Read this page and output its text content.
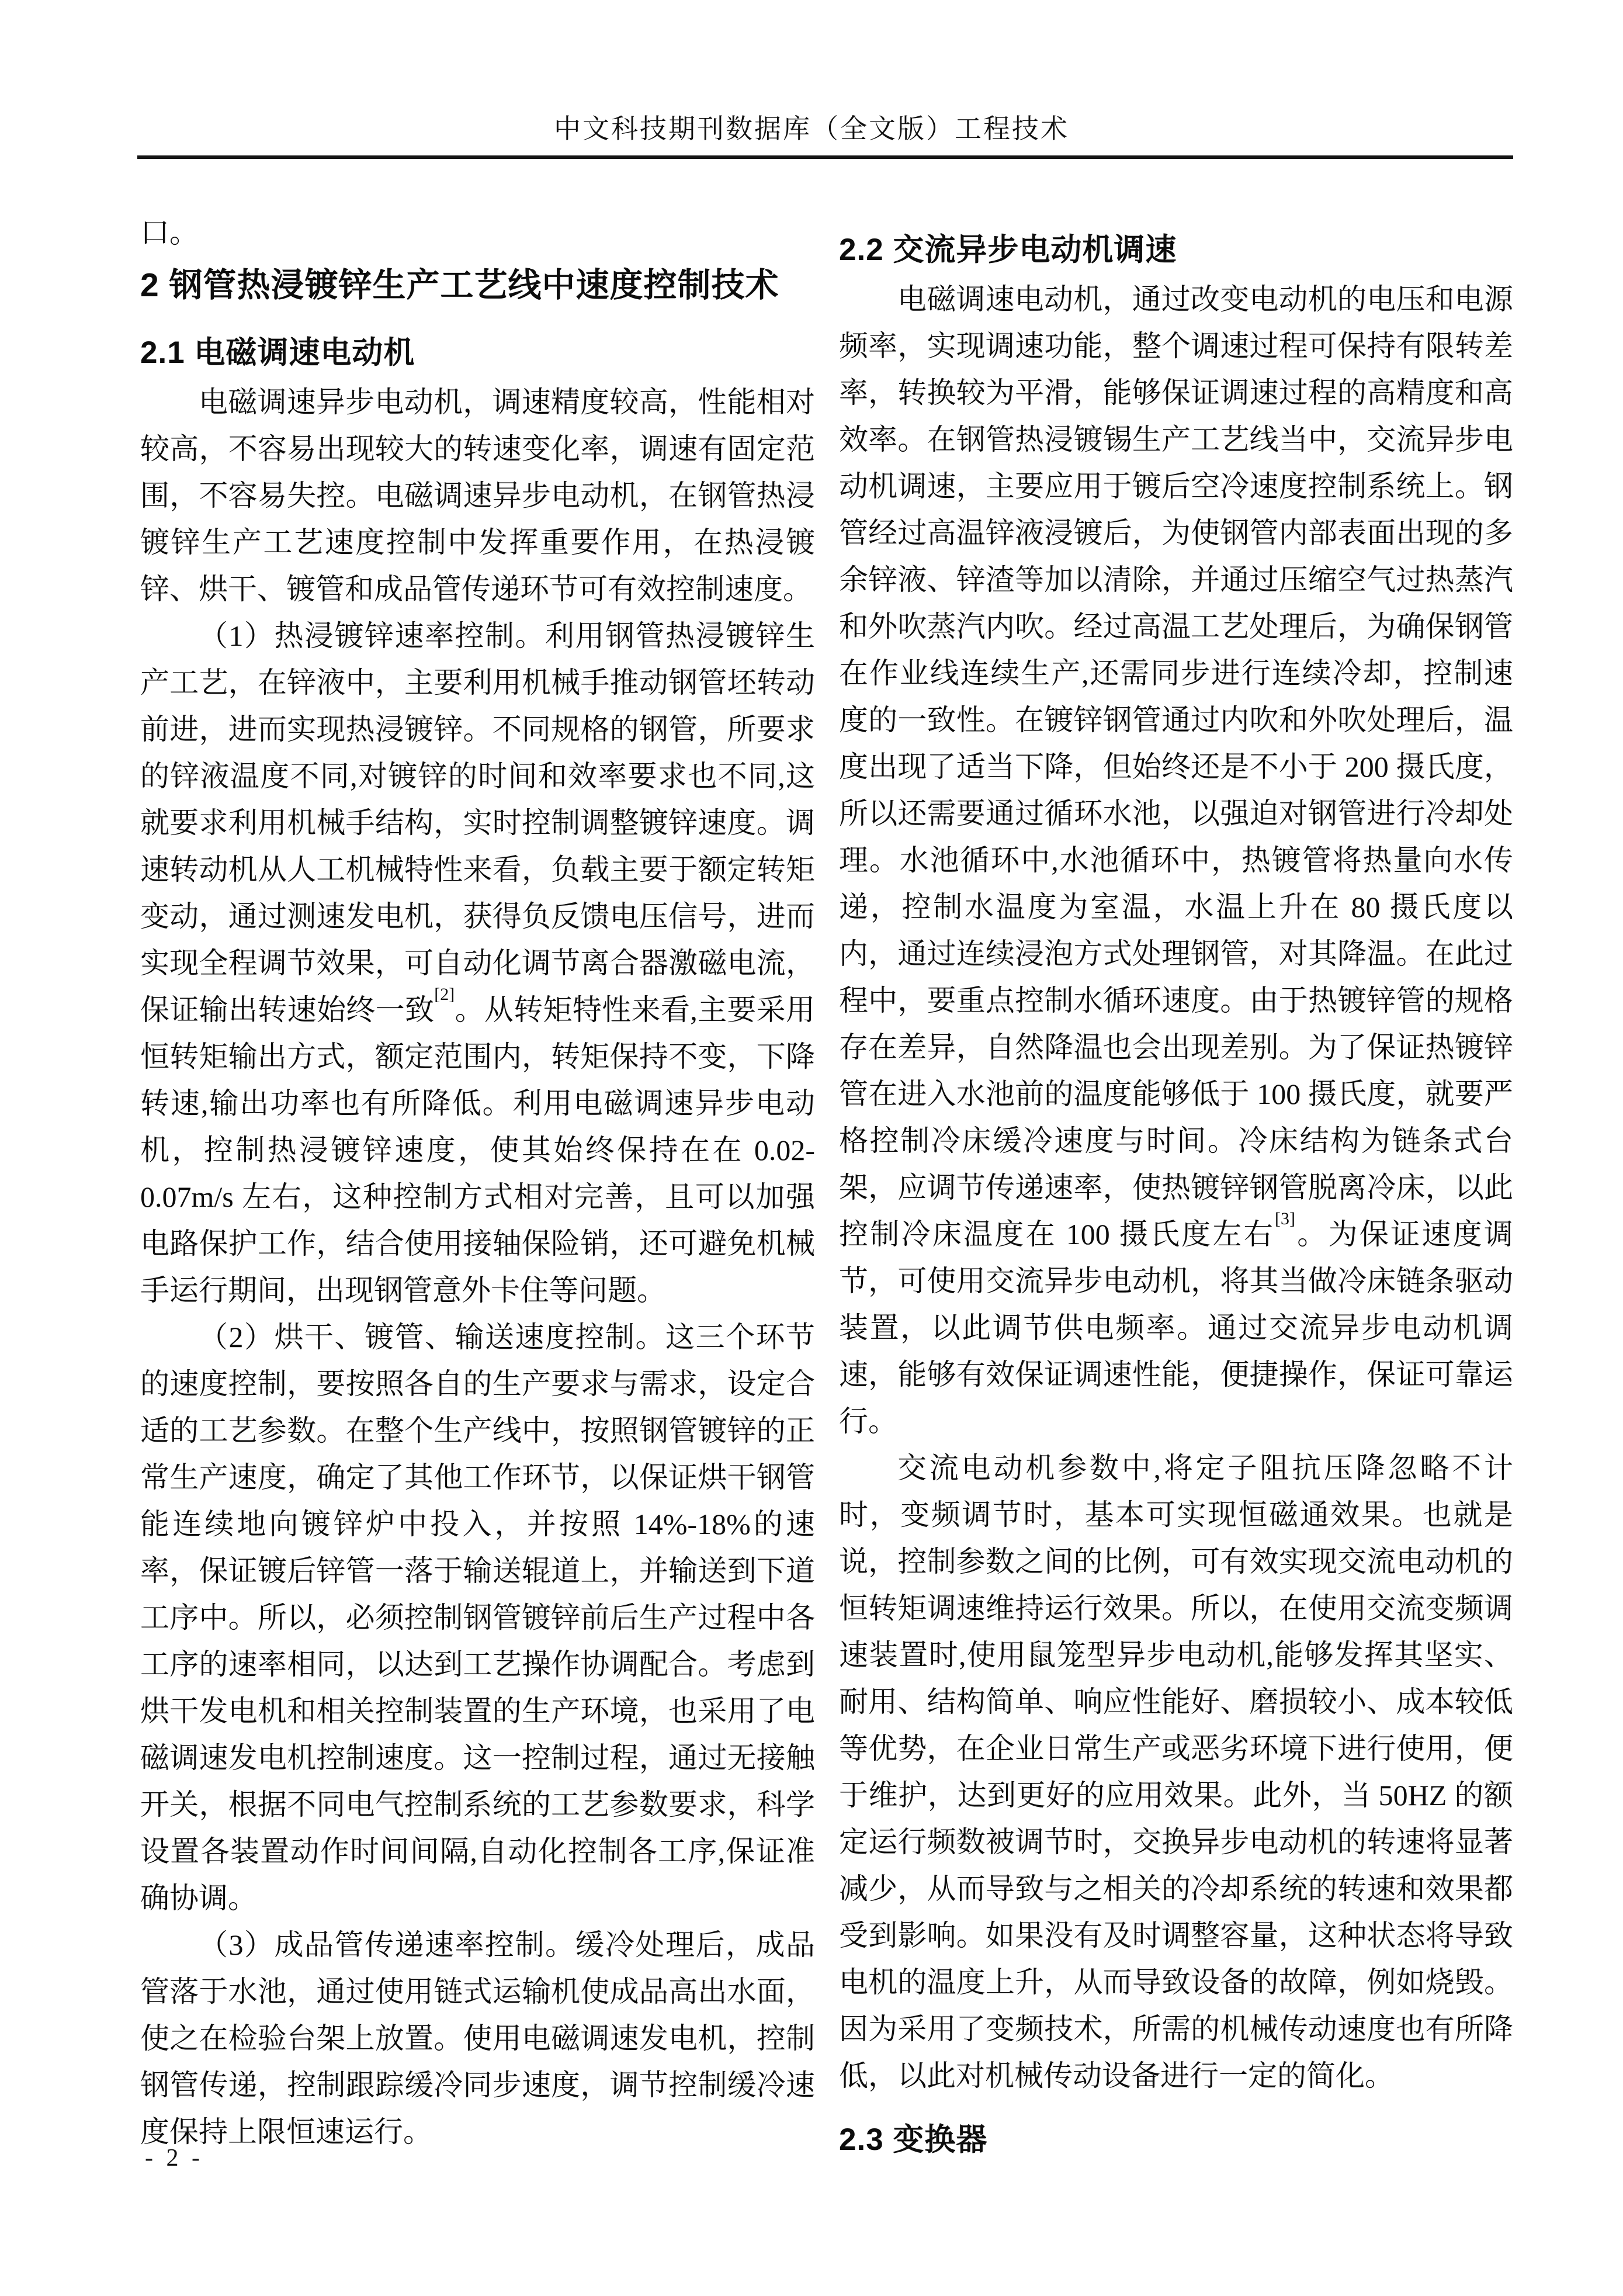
中文科技期刊数据库（全文版）工程技术

口。

2 钢管热浸镀锌生产工艺线中速度控制技术
2.1 电磁调速电动机

电磁调速异步电动机，调速精度较高，性能相对较高，不容易出现较大的转速变化率，调速有固定范围，不容易失控。电磁调速异步电动机，在钢管热浸镀锌生产工艺速度控制中发挥重要作用，在热浸镀锌、烘干、镀管和成品管传递环节可有效控制速度。

（1）热浸镀锌速率控制。利用钢管热浸镀锌生产工艺，在锌液中，主要利用机械手推动钢管坯转动前进，进而实现热浸镀锌。不同规格的钢管，所要求的锌液温度不同,对镀锌的时间和效率要求也不同,这就要求利用机械手结构，实时控制调整镀锌速度。调速转动机从人工机械特性来看，负载主要于额定转矩变动，通过测速发电机，获得负反馈电压信号，进而实现全程调节效果，可自动化调节离合器激磁电流，保证输出转速始终一致[2]。从转矩特性来看,主要采用恒转矩输出方式，额定范围内，转矩保持不变，下降转速,输出功率也有所降低。利用电磁调速异步电动机，控制热浸镀锌速度，使其始终保持在在 0.02-0.07m/s 左右，这种控制方式相对完善，且可以加强电路保护工作，结合使用接轴保险销，还可避免机械手运行期间，出现钢管意外卡住等问题。

（2）烘干、镀管、输送速度控制。这三个环节的速度控制，要按照各自的生产要求与需求，设定合适的工艺参数。在整个生产线中，按照钢管镀锌的正常生产速度，确定了其他工作环节，以保证烘干钢管能连续地向镀锌炉中投入，并按照 14%-18%的速率，保证镀后锌管一落于输送辊道上，并输送到下道工序中。所以，必须控制钢管镀锌前后生产过程中各工序的速率相同，以达到工艺操作协调配合。考虑到烘干发电机和相关控制装置的生产环境，也采用了电磁调速发电机控制速度。这一控制过程，通过无接触开关，根据不同电气控制系统的工艺参数要求，科学设置各装置动作时间间隔,自动化控制各工序,保证准确协调。

（3）成品管传递速率控制。缓冷处理后，成品管落于水池，通过使用链式运输机使成品高出水面，使之在检验台架上放置。使用电磁调速发电机，控制钢管传递，控制跟踪缓冷同步速度，调节控制缓冷速度保持上限恒速运行。

2.2 交流异步电动机调速

电磁调速电动机，通过改变电动机的电压和电源频率，实现调速功能，整个调速过程可保持有限转差率，转换较为平滑，能够保证调速过程的高精度和高效率。在钢管热浸镀锡生产工艺线当中，交流异步电动机调速，主要应用于镀后空冷速度控制系统上。钢管经过高温锌液浸镀后，为使钢管内部表面出现的多余锌液、锌渣等加以清除，并通过压缩空气过热蒸汽和外吹蒸汽内吹。经过高温工艺处理后，为确保钢管在作业线连续生产,还需同步进行连续冷却，控制速度的一致性。在镀锌钢管通过内吹和外吹处理后，温度出现了适当下降，但始终还是不小于 200 摄氏度，所以还需要通过循环水池，以强迫对钢管进行冷却处理。水池循环中,水池循环中，热镀管将热量向水传递，控制水温度为室温，水温上升在 80 摄氏度以内，通过连续浸泡方式处理钢管，对其降温。在此过程中，要重点控制水循环速度。由于热镀锌管的规格存在差异，自然降温也会出现差别。为了保证热镀锌管在进入水池前的温度能够低于 100 摄氏度，就要严格控制冷床缓冷速度与时间。冷床结构为链条式台架，应调节传递速率，使热镀锌钢管脱离冷床，以此控制冷床温度在 100 摄氏度左右[3]。为保证速度调节，可使用交流异步电动机，将其当做冷床链条驱动装置，以此调节供电频率。通过交流异步电动机调速，能够有效保证调速性能，便捷操作，保证可靠运行。

交流电动机参数中,将定子阻抗压降忽略不计时，变频调节时，基本可实现恒磁通效果。也就是说，控制参数之间的比例，可有效实现交流电动机的恒转矩调速维持运行效果。所以，在使用交流变频调速装置时,使用鼠笼型异步电动机,能够发挥其坚实、耐用、结构简单、响应性能好、磨损较小、成本较低等优势，在企业日常生产或恶劣环境下进行使用，便于维护，达到更好的应用效果。此外，当 50HZ 的额定运行频数被调节时，交换异步电动机的转速将显著减少，从而导致与之相关的冷却系统的转速和效果都受到影响。如果没有及时调整容量，这种状态将导致电机的温度上升，从而导致设备的故障，例如烧毁。因为采用了变频技术，所需的机械传动速度也有所降低，以此对机械传动设备进行一定的简化。

2.3 变换器
- 2 -
